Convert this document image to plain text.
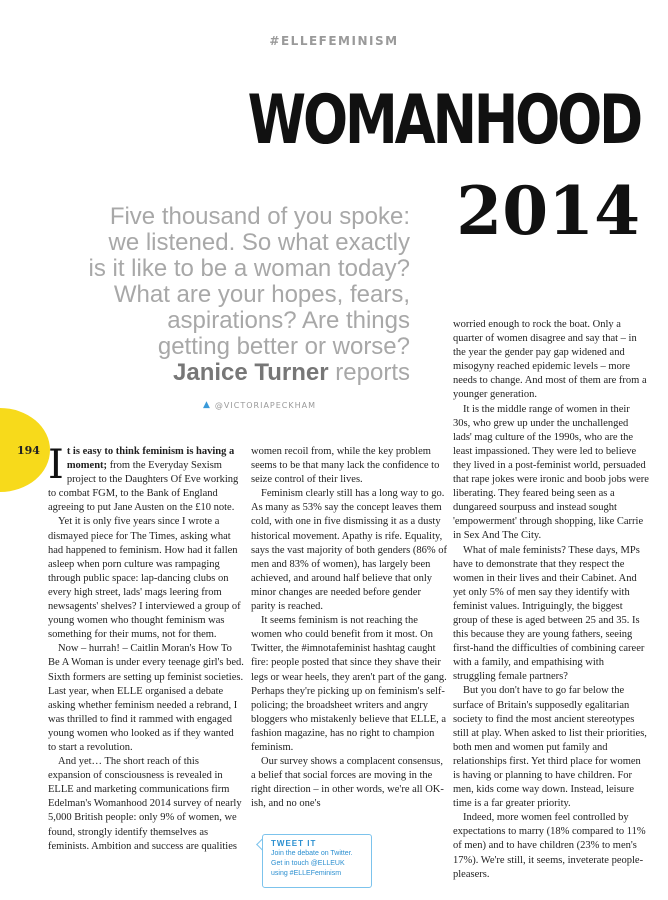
#ELLEFEMINISM
WOMANHOOD
2014
Five thousand of you spoke:
we listened. So what exactly
is it like to be a woman today?
What are your hopes, fears,
aspirations? Are things
getting better or worse?
Janice Turner reports
▲ @VICTORIAPECKHAM
194 It is easy to think feminism is having a moment; from the Everyday Sexism project to the Daughters Of Eve working to combat FGM, to the Bank of England agreeing to put Jane Austen on the £10 note.

Yet it is only five years since I wrote a dismayed piece for The Times, asking what had happened to feminism. How had it fallen asleep when porn culture was rampaging through public space: lap-dancing clubs on every high street, lads' mags leering from newsagents' shelves? I interviewed a group of young women who thought feminism was something for their mums, not for them.

Now – hurrah! – Caitlin Moran's How To Be A Woman is under every teenage girl's bed. Sixth formers are setting up feminist societies. Last year, when ELLE organised a debate asking whether feminism needed a rebrand, I was thrilled to find it rammed with engaged young women who looked as if they wanted to start a revolution.

And yet… The short reach of this expansion of consciousness is revealed in ELLE and marketing communications firm Edelman's Womanhood 2014 survey of nearly 5,000 British people: only 9% of women, we found, strongly identify themselves as feminists. Ambition and success are qualities

women recoil from, while the key problem seems to be that many lack the confidence to seize control of their lives.

Feminism clearly still has a long way to go. As many as 53% say the concept leaves them cold, with one in five dismissing it as a dusty historical movement. Apathy is rife. Equality, says the vast majority of both genders (86% of men and 83% of women), has largely been achieved, and around half believe that only minor changes are needed before gender parity is reached.

It seems feminism is not reaching the women who could benefit from it most. On Twitter, the #imnotafeminist hashtag caught fire: people posted that since they shave their legs or wear heels, they aren't part of the gang. Perhaps they're picking up on feminism's self-policing; the broadsheet writers and angry bloggers who mistakenly believe that ELLE, a fashion magazine, has no right to champion feminism.

Our survey shows a complacent consensus, a belief that social forces are moving in the right direction – in other words, we're all OK-ish, and no one's

worried enough to rock the boat. Only a quarter of women disagree and say that – in the year the gender pay gap widened and misogyny reached epidemic levels – more needs to change. And most of them are from a younger generation.

It is the middle range of women in their 30s, who grew up under the unchallenged lads' mag culture of the 1990s, who are the least impassioned. They were led to believe they lived in a post-feminist world, persuaded that rape jokes were ironic and boob jobs were liberating. They feared being seen as a dungareed sourpuss and instead sought 'empowerment' through shopping, like Carrie in Sex And The City.

What of male feminists? These days, MPs have to demonstrate that they respect the women in their lives and their Cabinet. And yet only 5% of men say they identify with feminist values. Intriguingly, the biggest group of these is aged between 25 and 35. Is this because they are young fathers, seeing first-hand the difficulties of combining career with a family, and empathising with struggling female partners?

But you don't have to go far below the surface of Britain's supposedly egalitarian society to find the most ancient stereotypes still at play. When asked to list their priorities, both men and women put family and relationships first. Yet third place for women is having or planning to have children. For men, kids come way down. Instead, leisure time is a far greater priority.

Indeed, more women feel controlled by expectations to marry (18% compared to 11% of men) and to have children (23% to men's 17%). We're still, it seems, inveterate people-pleasers.

TWEET IT
Join the debate on Twitter.
Get in touch @ELLEUK
using #ELLEFeminism
